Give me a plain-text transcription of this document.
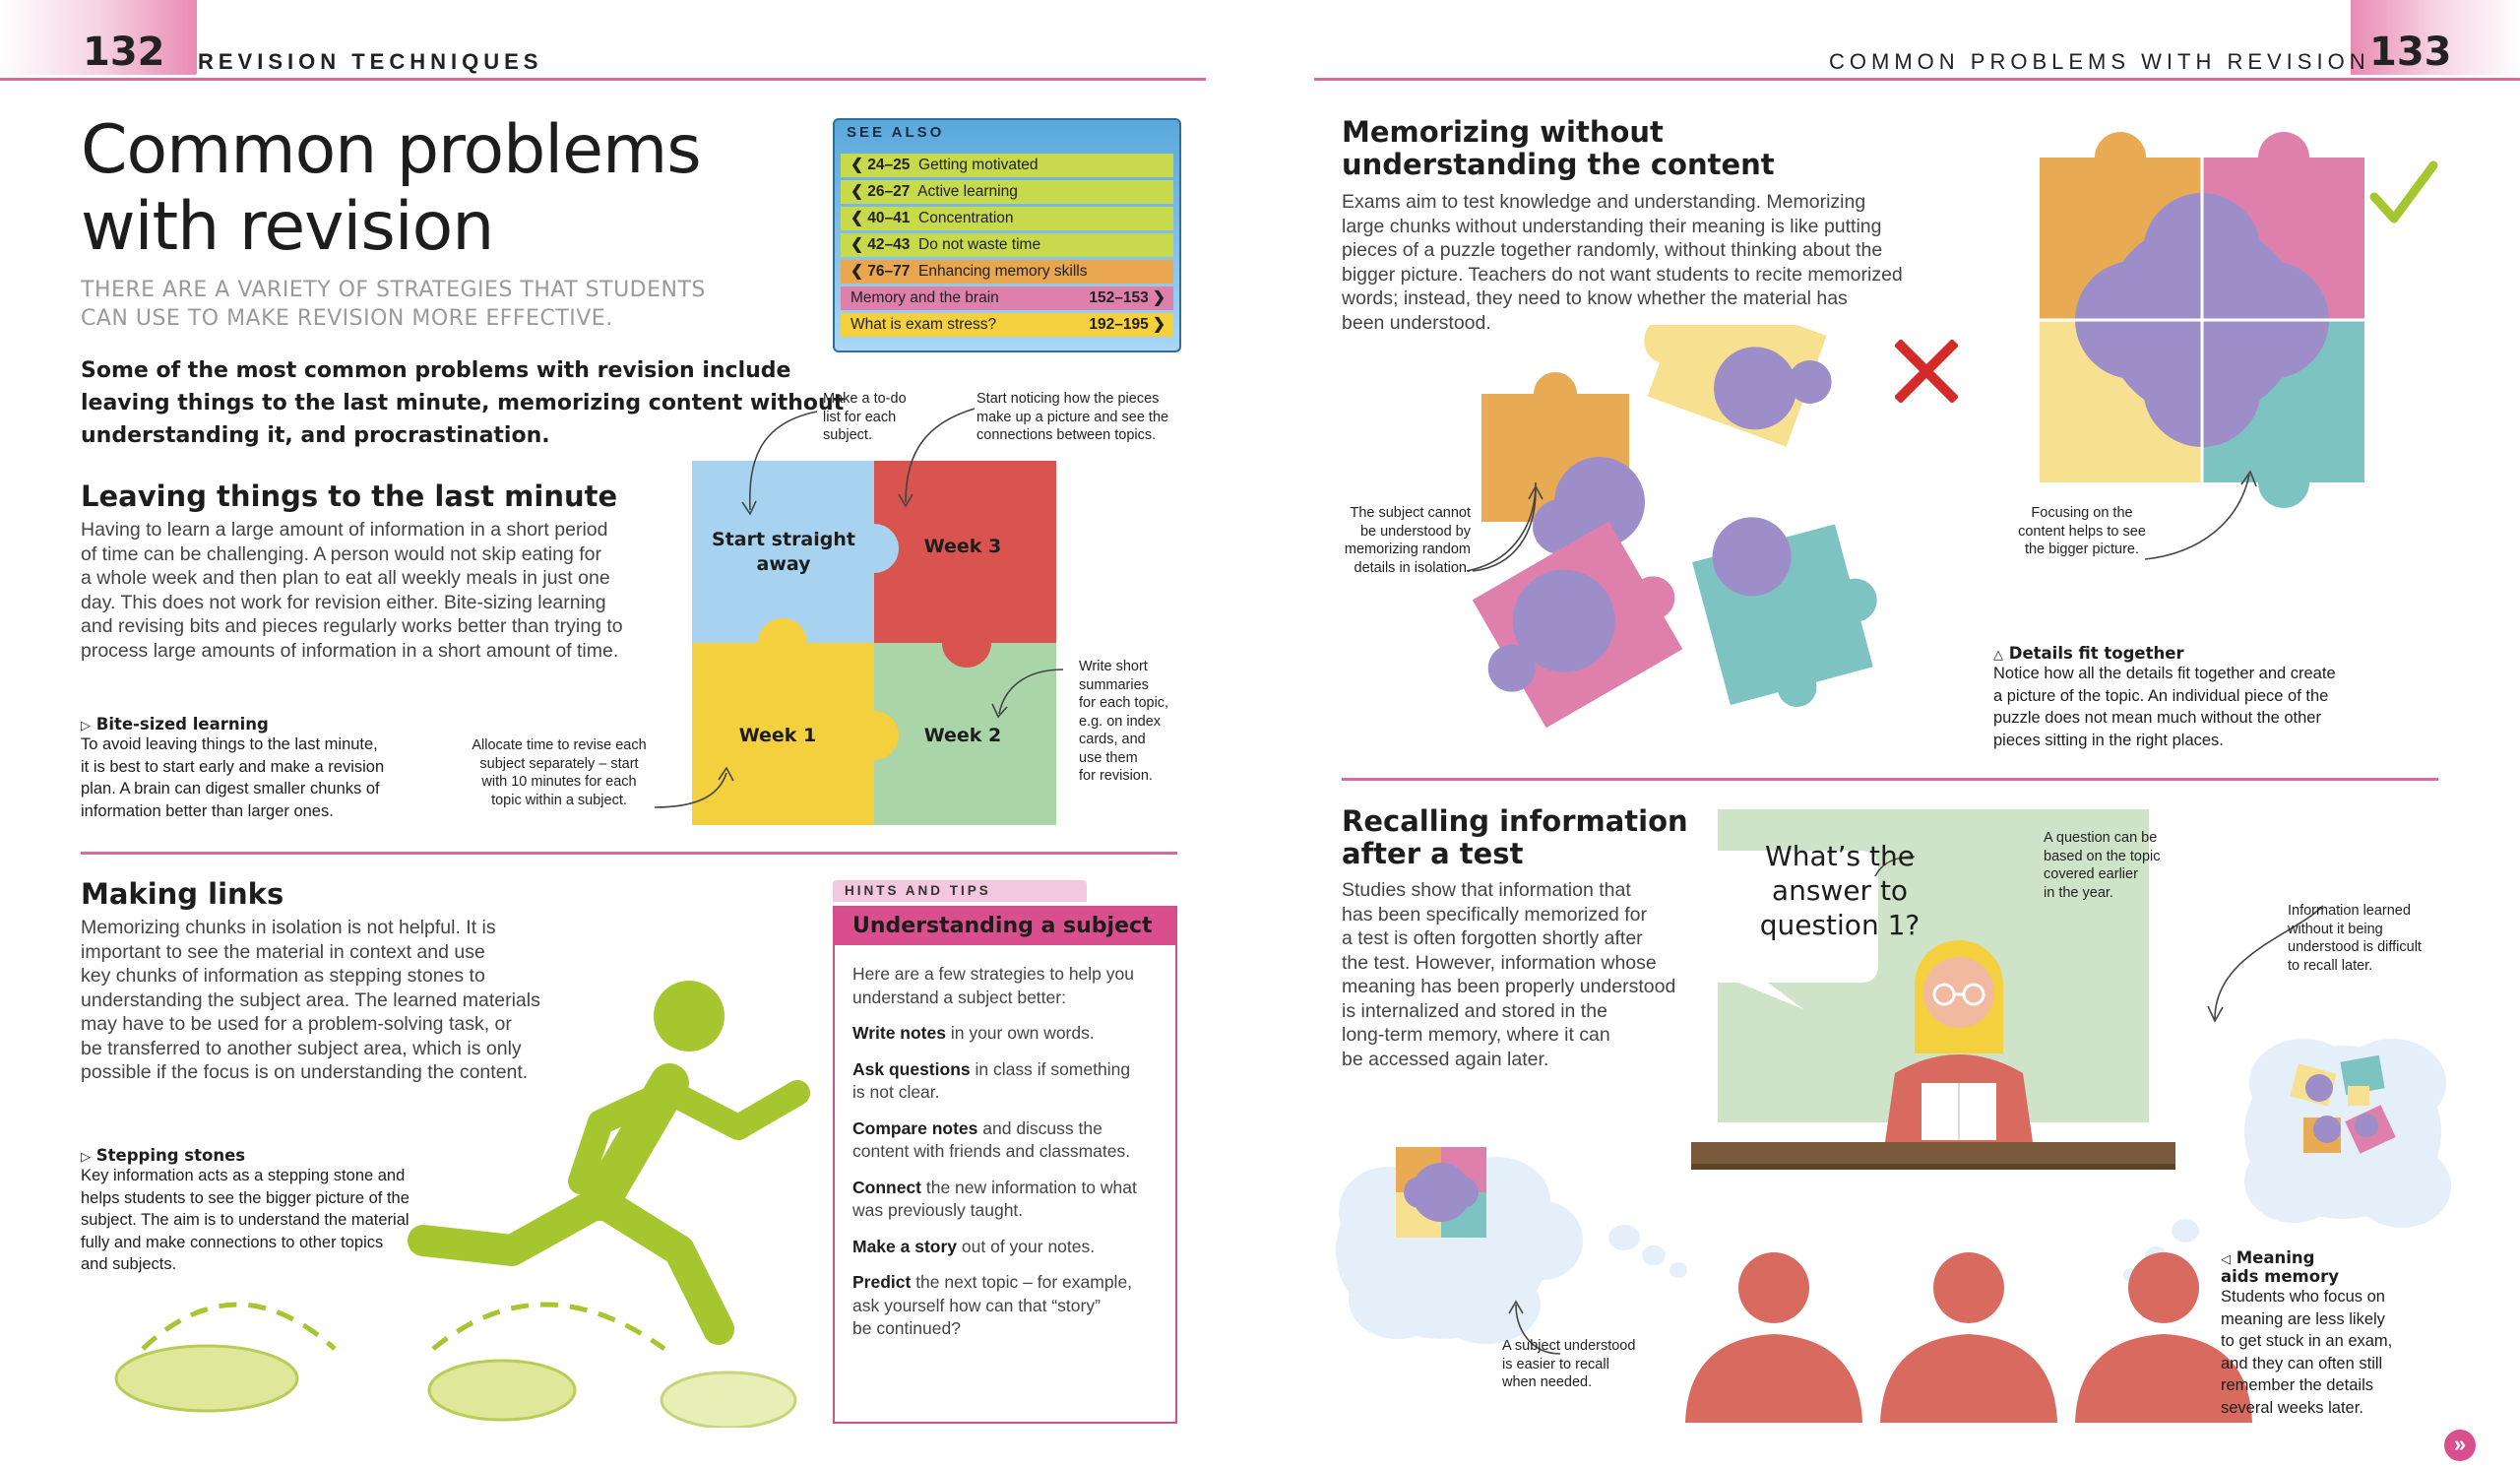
132 REVISION TECHNIQUES	133
COMMON PROBLEMS WITH REVISION
Common problems
with revision
THERE ARE A VARIETY OF STRATEGIES THAT STUDENTS
CAN USE TO MAKE REVISION MORE EFFECTIVE.
Some of the most common problems with revision include
leaving things to the last minute, memorizing content without
understanding it, and procrastination.
SEE ALSO
❮ 24–25 Getting motivated
❮ 26–27 Active learning
❮ 40–41 Concentration
❮ 42–43 Do not waste time
❮ 76–77 Enhancing memory skills
Memory and the brain	152–153 ❯
What is exam stress?	192–195 ❯
Leaving things to the last minute
Having to learn a large amount of information in a short period
of time can be challenging. A person would not skip eating for
a whole week and then plan to eat all weekly meals in just one
day. This does not work for revision either. Bite-sizing learning
and revising bits and pieces regularly works better than trying to
process large amounts of information in a short amount of time.
▷ Bite-sized learning
To avoid leaving things to the last minute,
it is best to start early and make a revision
plan. A brain can digest smaller chunks of
information better than larger ones.
Start straight
away
Week 3
Week 1	Week 2
Make a to-do
list for each
subject.
Start noticing how the pieces
make up a picture and see the
connections between topics.
Write short
summaries
for each topic,
e.g. on index
cards, and
use them
for revision.
Allocate time to revise each
subject separately – start
with 10 minutes for each
topic within a subject.
Making links
Memorizing chunks in isolation is not helpful. It is
important to see the material in context and use
key chunks of information as stepping stones to
understanding the subject area. The learned materials
may have to be used for a problem-solving task, or
be transferred to another subject area, which is only
possible if the focus is on understanding the content.
▷ Stepping stones
Key information acts as a stepping stone and
helps students to see the bigger picture of the
subject. The aim is to understand the material
fully and make connections to other topics
and subjects.
HINTS AND TIPS
Understanding a subject
Here are a few strategies to help you
understand a subject better:
Write notes in your own words.
Ask questions in class if something
is not clear.
Compare notes and discuss the
content with friends and classmates.
Connect the new information to what
was previously taught.
Make a story out of your notes.
Predict the next topic – for example,
ask yourself how can that “story”
be continued?
Memorizing without
understanding the content
Exams aim to test knowledge and understanding. Memorizing
large chunks without understanding their meaning is like putting
pieces of a puzzle together randomly, without thinking about the
bigger picture. Teachers do not want students to recite memorized
words; instead, they need to know whether the material has
been understood.
The subject cannot
be understood by
memorizing random
details in isolation.
Focusing on the
content helps to see
the bigger picture.
△ Details fit together
Notice how all the details fit together and create
a picture of the topic. An individual piece of the
puzzle does not mean much without the other
pieces sitting in the right places.
Recalling information
after a test
Studies show that information that
has been specifically memorized for
a test is often forgotten shortly after
the test. However, information whose
meaning has been properly understood
is internalized and stored in the
long-term memory, where it can
be accessed again later.
What’s the
answer to
question 1?
A question can be
based on the topic
covered earlier
in the year.
Information learned
without it being
understood is difficult
to recall later.
A subject understood
is easier to recall
when needed.
◁ Meaning
aids memory
Students who focus on
meaning are less likely
to get stuck in an exam,
and they can often still
remember the details
several weeks later.
»
